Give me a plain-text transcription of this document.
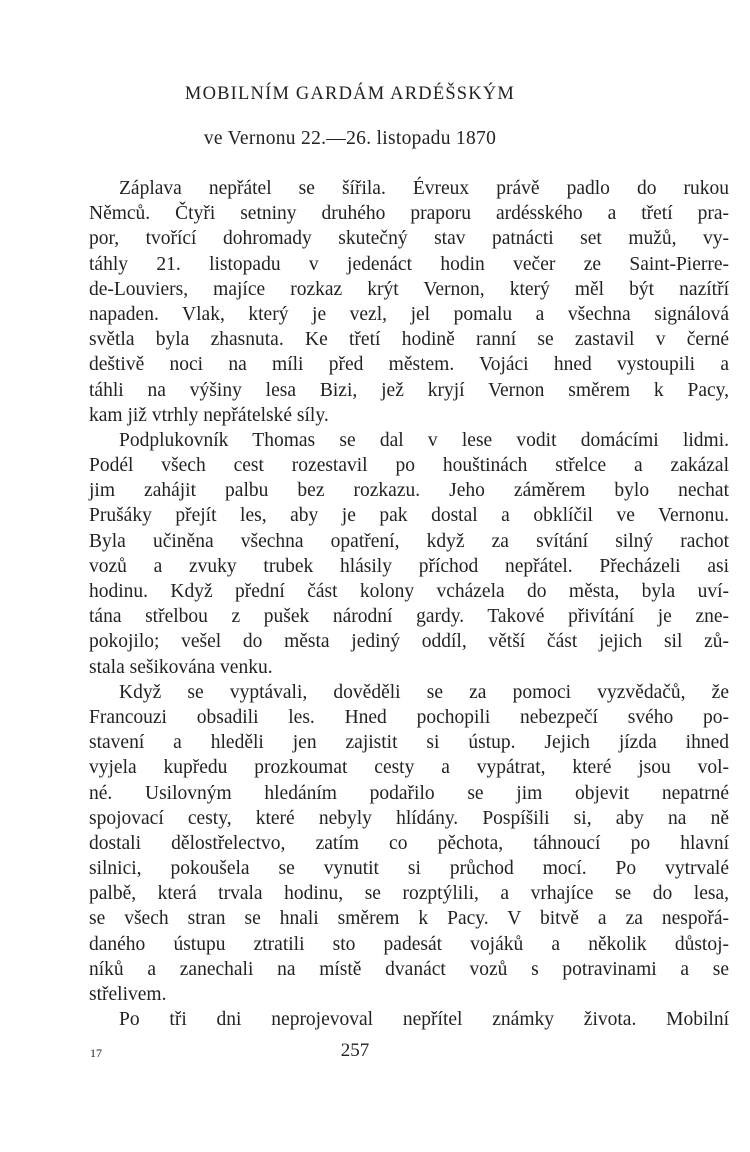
MOBILNÍM GARDÁM ARDÉŠSKÝM
ve Vernonu 22.—26. listopadu 1870
Záplava nepřátel se šířila. Évreux právě padlo do rukou
Němců. Čtyři setniny druhého praporu ardésského a třetí pra-
por, tvořící dohromady skutečný stav patnácti set mužů, vy-
táhly 21. listopadu v jedenáct hodin večer ze Saint-Pierre-
de-Louviers, majíce rozkaz krýt Vernon, který měl být nazítří
napaden. Vlak, který je vezl, jel pomalu a všechna signálová
světla byla zhasnuta. Ke třetí hodině ranní se zastavil v černé
deštivě noci na míli před městem. Vojáci hned vystoupili a
táhli na výšiny lesa Bizi, jež kryjí Vernon směrem k Pacy,
kam již vtrhly nepřátelské síly.
Podplukovník Thomas se dal v lese vodit domácími lidmi.
Podél všech cest rozestavil po houštinách střelce a zakázal
jim zahájit palbu bez rozkazu. Jeho záměrem bylo nechat
Prušáky přejít les, aby je pak dostal a obklíčil ve Vernonu.
Byla učiněna všechna opatření, když za svítání silný rachot
vozů a zvuky trubek hlásily příchod nepřátel. Přecházeli asi
hodinu. Když přední část kolony vcházela do města, byla uví-
tána střelbou z pušek národní gardy. Takové přivítání je zne-
pokojilo; vešel do města jediný oddíl, větší část jejich sil zů-
stala sešikována venku.
Když se vyptávali, dověděli se za pomoci vyzvědačů, že
Francouzi obsadili les. Hned pochopili nebezpečí svého po-
stavení a hleděli jen zajistit si ústup. Jejich jízda ihned
vyjela kupředu prozkoumat cesty a vypátrat, které jsou vol-
né. Usilovným hledáním podařilo se jim objevit nepatrné
spojovací cesty, které nebyly hlídány. Pospíšili si, aby na ně
dostali dělostřelectvo, zatím co pěchota, táhnoucí po hlavní
silnici, pokoušela se vynutit si průchod mocí. Po vytrvalé
palbě, která trvala hodinu, se rozptýlili, a vrhajíce se do lesa,
se všech stran se hnali směrem k Pacy. V bitvě a za nespořá-
daného ústupu ztratili sto padesát vojáků a několik důstoj-
níků a zanechali na místě dvanáct vozů s potravinami a se
střelivem.
Po tři dni neprojevoval nepřítel známky života. Mobilní
17	257
